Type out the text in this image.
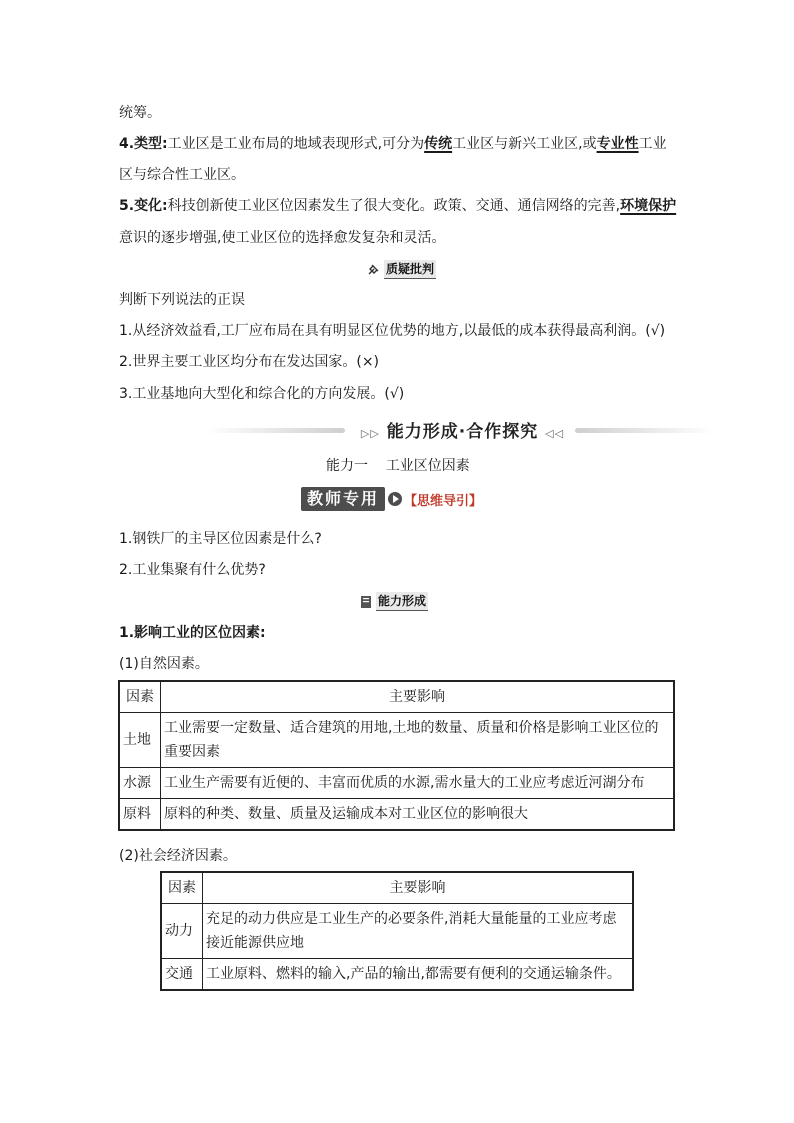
统筹。
4.类型:工业区是工业布局的地域表现形式,可分为传统工业区与新兴工业区,或专业性工业
区与综合性工业区。
5.变化:科技创新使工业区位因素发生了很大变化。政策、交通、通信网络的完善,环境保护
意识的逐步增强,使工业区位的选择愈发复杂和灵活。
质疑批判
判断下列说法的正误
1.从经济效益看,工厂应布局在具有明显区位优势的地方,以最低的成本获得最高利润。(√)
2.世界主要工业区均分布在发达国家。(×)
3.工业基地向大型化和综合化的方向发展。(√)
▷▷ 能力形成·合作探究 ◁◁
能力一    工业区位因素
教师专用	【思维导引】
1.钢铁厂的主导区位因素是什么?
2.工业集聚有什么优势?
能力形成
1.影响工业的区位因素:
(1)自然因素。
因素	主要影响
土地	工业需要一定数量、适合建筑的用地,土地的数量、质量和价格是影响工业区位的重要因素
水源	工业生产需要有近便的、丰富而优质的水源,需水量大的工业应考虑近河湖分布
原料	原料的种类、数量、质量及运输成本对工业区位的影响很大
(2)社会经济因素。
因素	主要影响
动力	充足的动力供应是工业生产的必要条件,消耗大量能量的工业应考虑接近能源供应地
交通	工业原料、燃料的输入,产品的输出,都需要有便利的交通运输条件。
